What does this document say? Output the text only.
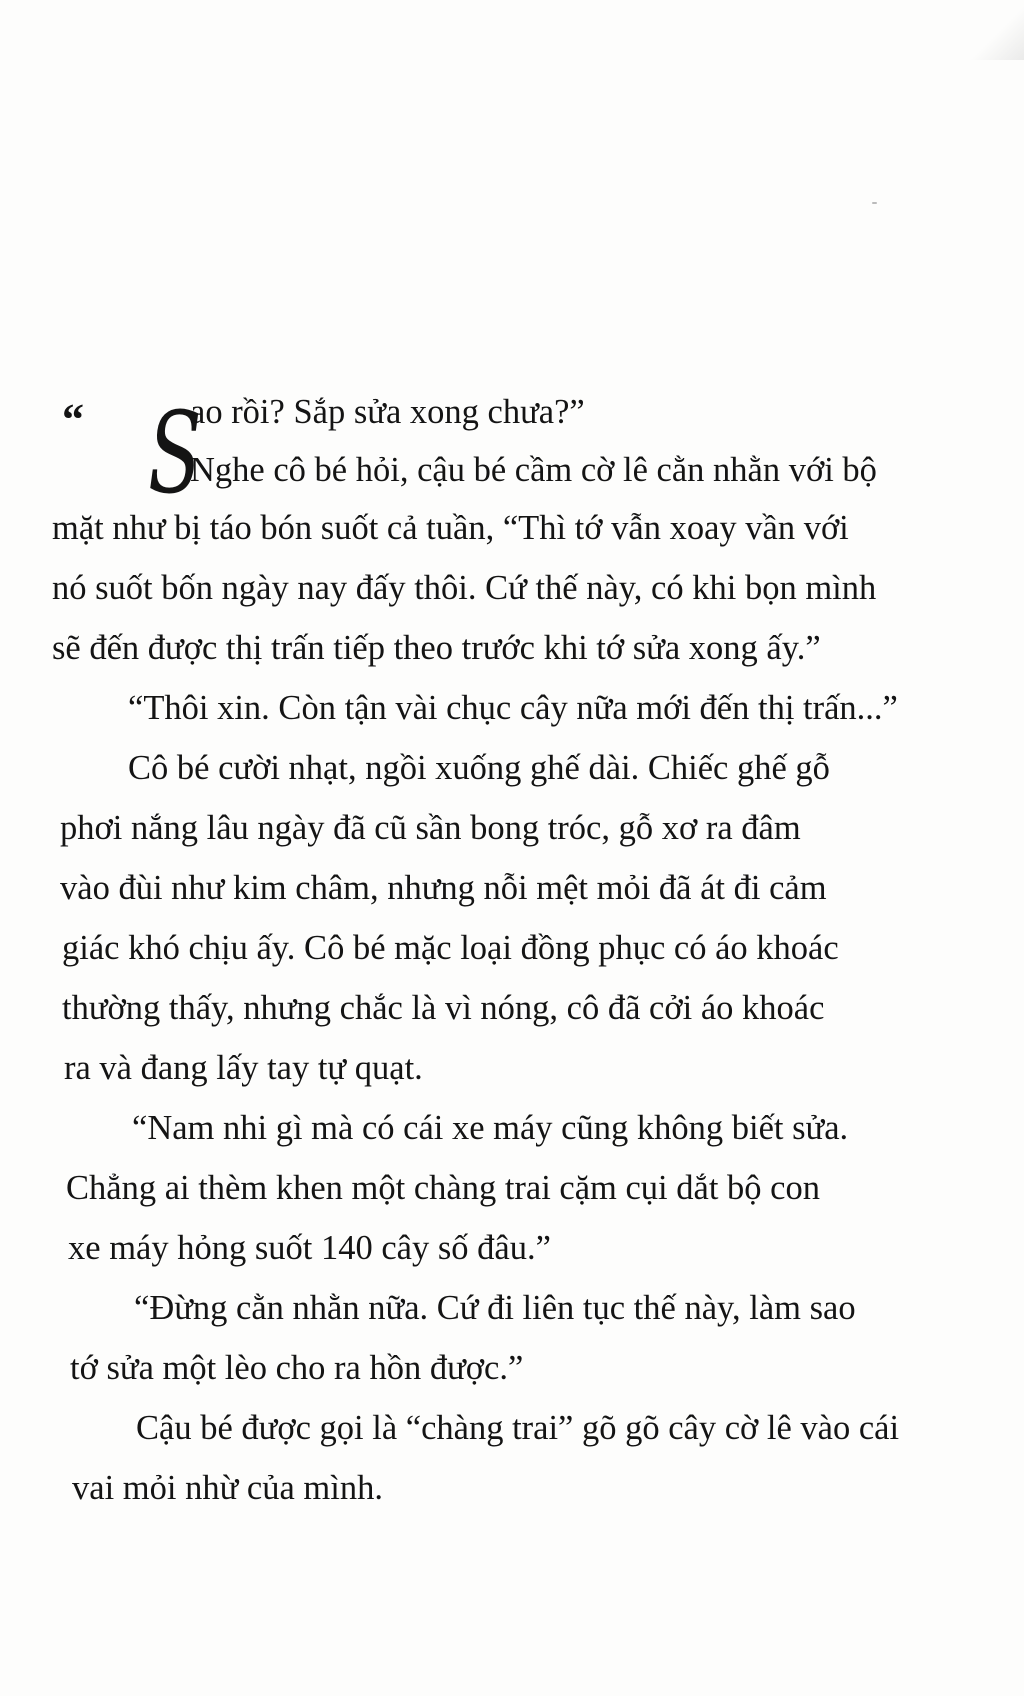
“ S
ao rồi? Sắp sửa xong chưa?”
Nghe cô bé hỏi, cậu bé cầm cờ lê cằn nhằn với bộ
mặt như bị táo bón suốt cả tuần, “Thì tớ vẫn xoay vần với
nó suốt bốn ngày nay đấy thôi. Cứ thế này, có khi bọn mình
sẽ đến được thị trấn tiếp theo trước khi tớ sửa xong ấy.”
“Thôi xin. Còn tận vài chục cây nữa mới đến thị trấn...”
Cô bé cười nhạt, ngồi xuống ghế dài. Chiếc ghế gỗ
phơi nắng lâu ngày đã cũ sần bong tróc, gỗ xơ ra đâm
vào đùi như kim châm, nhưng nỗi mệt mỏi đã át đi cảm
giác khó chịu ấy. Cô bé mặc loại đồng phục có áo khoác
thường thấy, nhưng chắc là vì nóng, cô đã cởi áo khoác
ra và đang lấy tay tự quạt.
“Nam nhi gì mà có cái xe máy cũng không biết sửa.
Chẳng ai thèm khen một chàng trai cặm cụi dắt bộ con
xe máy hỏng suốt 140 cây số đâu.”
“Đừng cằn nhằn nữa. Cứ đi liên tục thế này, làm sao
tớ sửa một lèo cho ra hồn được.”
Cậu bé được gọi là “chàng trai” gõ gõ cây cờ lê vào cái
vai mỏi nhừ của mình.
